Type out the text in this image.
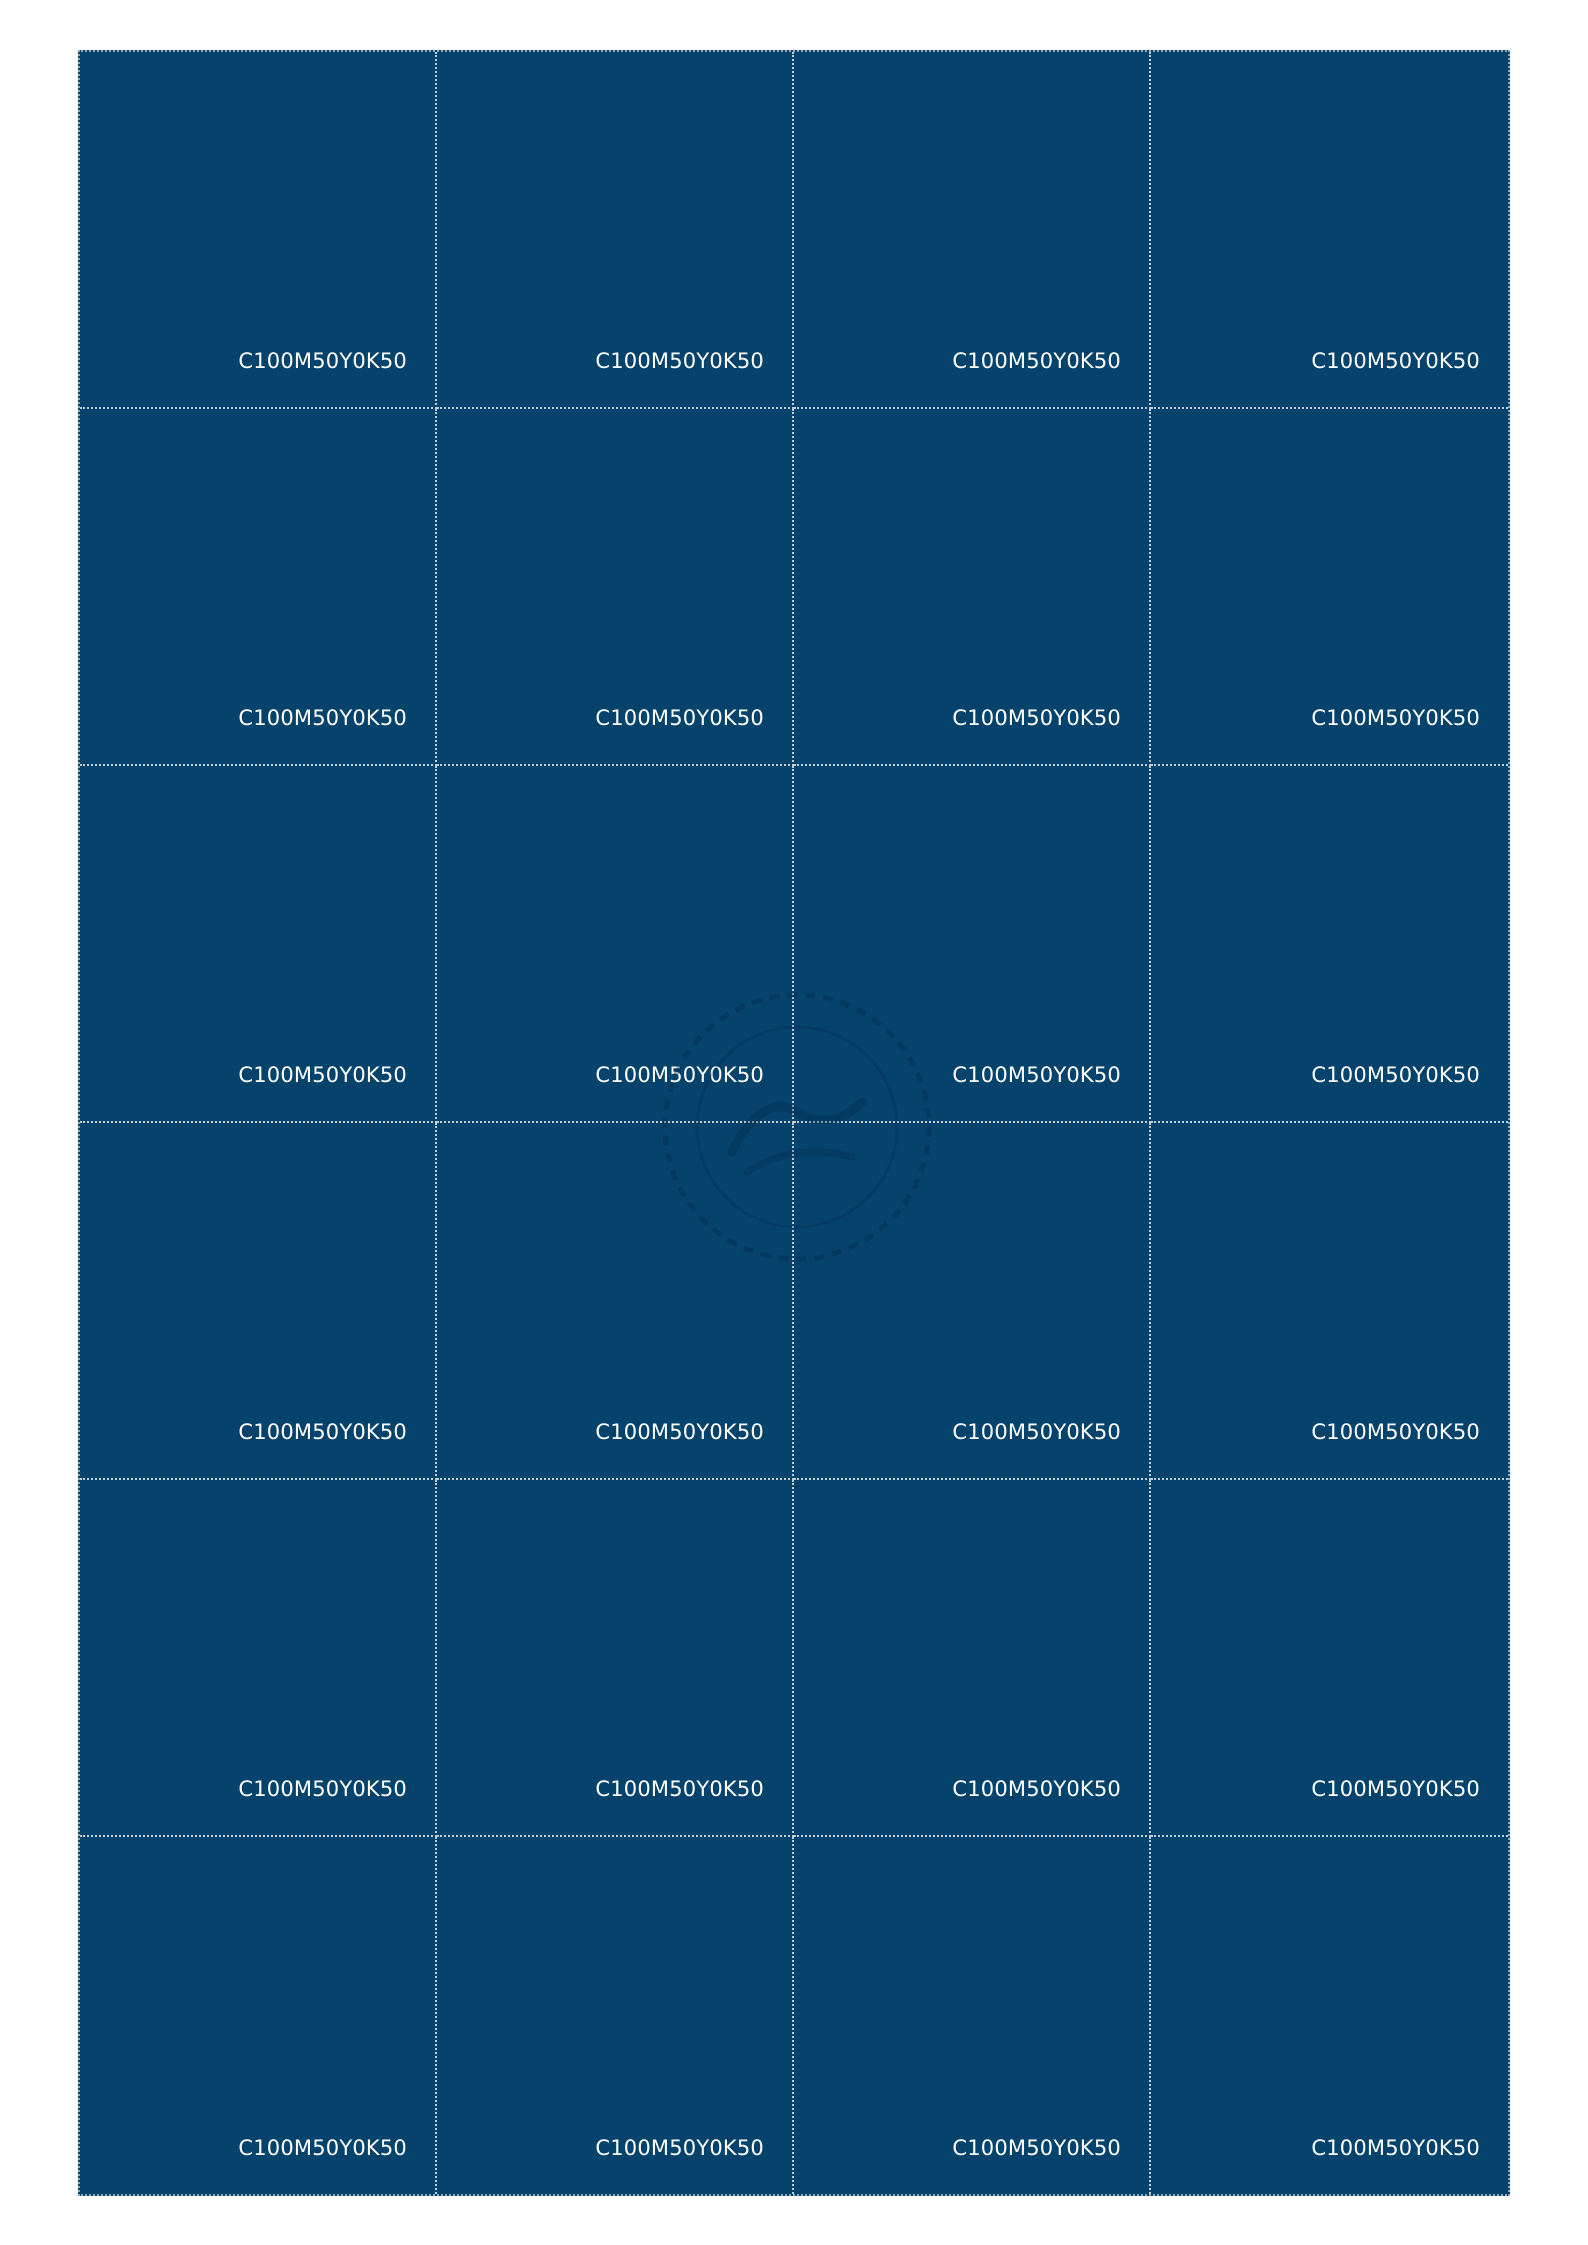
C100M50Y0K50	C100M50Y0K50	C100M50Y0K50	C100M50Y0K50
C100M50Y0K50	C100M50Y0K50	C100M50Y0K50	C100M50Y0K50
C100M50Y0K50	C100M50Y0K50	C100M50Y0K50	C100M50Y0K50
C100M50Y0K50	C100M50Y0K50	C100M50Y0K50	C100M50Y0K50
C100M50Y0K50	C100M50Y0K50	C100M50Y0K50	C100M50Y0K50
C100M50Y0K50	C100M50Y0K50	C100M50Y0K50	C100M50Y0K50
